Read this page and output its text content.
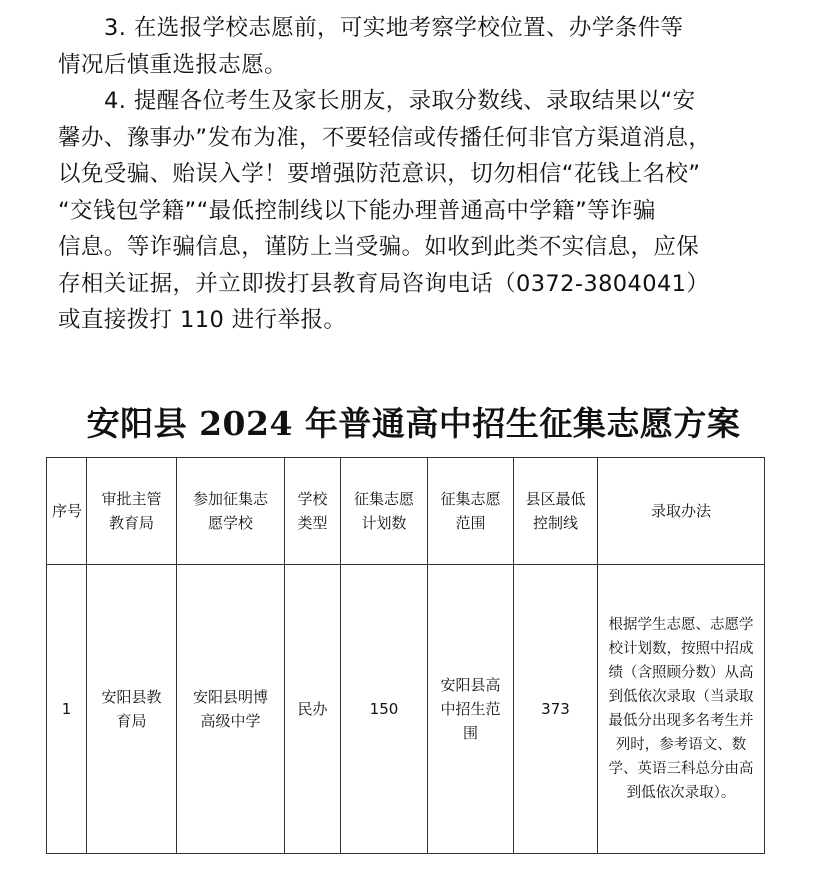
3. 在选报学校志愿前，可实地考察学校位置、办学条件等

情况后慎重选报志愿。

4. 提醒各位考生及家长朋友，录取分数线、录取结果以“安

馨办、豫事办”发布为准，不要轻信或传播任何非官方渠道消息，

以免受骗、贻误入学！要增强防范意识，切勿相信“花钱上名校”

“交钱包学籍”“最低控制线以下能办理普通高中学籍”等诈骗

信息。等诈骗信息，谨防上当受骗。如收到此类不实信息，应保

存相关证据，并立即拨打县教育局咨询电话（0372-3804041）

或直接拨打 110 进行举报。

安阳县 2024 年普通高中招生征集志愿方案
序号	审批主管教育局	参加征集志愿学校	学校类型	征集志愿计划数	征集志愿范围	县区最低控制线	录取办法

1	安阳县教育局	安阳县明博高级中学	民办	150	安阳县高中招生范围	373	根据学生志愿、志愿学校计划数，按照中招成绩（含照顾分数）从高到低依次录取（当录取最低分出现多名考生并列时，参考语文、数学、英语三科总分由高到低依次录取）。
